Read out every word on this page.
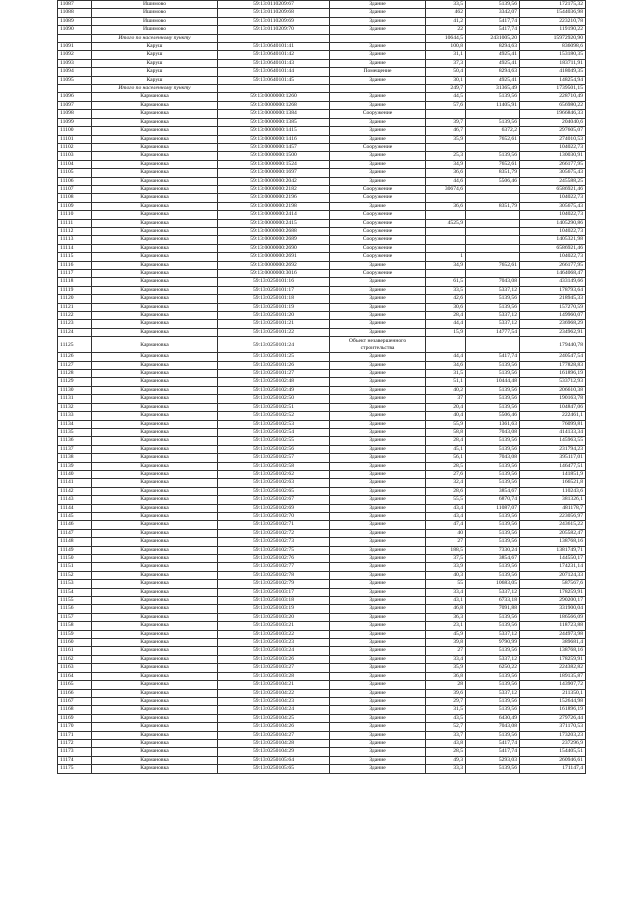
11087	Ишимово	59:13:0110209:67	Здание	33,5	5139,56	172175,32
11088	Ишимово	59:13:0110209:68	Здание	462	3342,07	1544036,98
11089	Ишимово	59:13:0110209:69	Здание	41,2	5417,74	223210,78
11090	Ишимово	59:13:0110209:70	Здание	22	5417,74	119190,22
	Итого по населенному пункту			10644,5	2431005,20	15972920,90
11091	Каруш	59:13:0640101:41	Здание	100,8	8294,63	836098,6
11092	Каруш	59:13:0640101:42	Здание	31,1	4925,41	153180,35
11093	Каруш	59:13:0640101:43	Здание	37,3	4925,41	183711,91
11094	Каруш	59:13:0640101:44	Помещение	50,4	8294,63	418049,35
11095	Каруш	59:13:0640101:45	Здание	30,1	4925,41	148254,94
	Итого по населенному пункту			249,7	31365,49	1739501,15
11096	Кармановка	59:13:0000000:1260	Здание	44,5	5139,56	228710,49
11097	Кармановка	59:13:0000000:1268	Здание	57,6	11405,91	656980,22
11098	Кармановка	59:13:0000000:1384	Сооружение			1966846,33
11099	Кармановка	59:13:0000000:1385	Здание	39,7	5139,56	204040,6
11100	Кармановка	59:13:0000000:1415	Здание	46,7	6372,2	297605,07
11101	Кармановка	59:13:0000000:1416	Здание	35,9	7652,61	274010,53
11102	Кармановка	59:13:0000000:1457	Сооружение			104022,73
11103	Кармановка	59:13:0000000:1500	Здание	25,3	5139,56	130030,91
11104	Кармановка	59:13:0000000:1524	Здание	34,9	7652,61	266177,95
11105	Кармановка	59:13:0000000:1697	Здание	36,6	8351,79	305675,43
11106	Кармановка	59:13:0000000:2042	Здание	44,6	5506,46	245588,25
11107	Кармановка	59:13:0000000:2182	Сооружение	30674,6		6586921,46
11108	Кармановка	59:13:0000000:2196	Сооружение			104022,73
11109	Кармановка	59:13:0000000:2198	Здание	36,6	8351,79	305675,43
11110	Кармановка	59:13:0000000:2414	Сооружение			104022,73
11111	Кармановка	59:13:0000000:2415	Сооружение	4525,9		1405290,86
11112	Кармановка	59:13:0000000:2688	Сооружение			104022,73
11113	Кармановка	59:13:0000000:2689	Сооружение			1405321,98
11114	Кармановка	59:13:0000000:2690	Сооружение			6586921,46
11115	Кармановка	59:13:0000000:2691	Сооружение	1		104022,73
11116	Кармановка	59:13:0000000:2692	Здание	34,9	7652,61	266177,95
11117	Кармановка	59:13:0000000:3016	Сооружение			1464068,47
11118	Кармановка	59:13:0250101:16	Здание	61,5	7043,08	433149,66
11119	Кармановка	59:13:0250101:17	Здание	33,5	5337,12	178793,64
11120	Кармановка	59:13:0250101:18	Здание	42,6	5139,56	218945,33
11121	Кармановка	59:13:0250101:19	Здание	30,6	5139,56	157270,59
11122	Кармановка	59:13:0250101:20	Здание	28,4	5337,12	149960,07
11123	Кармановка	59:13:0250101:21	Здание	44,4	5337,12	236968,29
11124	Кармановка	59:13:0250101:22	Здание	15,9	14777,54	234962,91
11125	Кармановка	59:13:0250101:24	Объект незавершенного строительства			179440,78
11126	Кармановка	59:13:0250101:25	Здание	44,4	5417,74	240547,54
11127	Кармановка	59:13:0250101:26	Здание	34,6	5139,56	177828,83
11128	Кармановка	59:13:0250101:27	Здание	31,5	5139,56	161896,19
11129	Кармановка	59:13:0250102:48	Здание	51,1	10444,48	533712,93
11130	Кармановка	59:13:0250102:49	Здание	40,2	5139,56	206610,38
11131	Кармановка	59:13:0250102:50	Здание	37	5139,56	190163,78
11132	Кармановка	59:13:0250102:51	Здание	20,4	5139,56	104847,06
11133	Кармановка	59:13:0250102:52	Здание	40,4	5506,46	222461,1
11134	Кармановка	59:13:0250102:53	Здание	55,9	1361,63	76099,81
11135	Кармановка	59:13:0250102:54	Здание	58,8	7043,08	414133,34
11136	Кармановка	59:13:0250102:55	Здание	28,4	5139,56	145963,55
11137	Кармановка	59:13:0250102:56	Здание	45,1	5139,56	231794,23
11138	Кармановка	59:13:0250102:57	Здание	56,1	7043,08	395117,01
11139	Кармановка	59:13:0250102:58	Здание	28,5	5139,56	146477,51
11140	Кармановка	59:13:0250102:62	Здание	27,6	5139,56	141851,9
11141	Кармановка	59:13:0250102:63	Здание	32,4	5139,56	166521,8
11142	Кармановка	59:13:0250102:65	Здание	28,6	3854,67	110243,6
11143	Кармановка	59:13:0250102:67	Здание	55,5	6870,74	381326,1
11144	Кармановка	59:13:0250102:69	Здание	43,4	11087,07	481178,7
11145	Кармановка	59:13:0250102:70	Здание	43,4	5139,56	223056,97
11146	Кармановка	59:13:0250102:71	Здание	47,4	5139,56	243615,22
11147	Кармановка	59:13:0250102:72	Здание	40	5139,56	205582,47
11148	Кармановка	59:13:0250102:73	Здание	27	5139,56	138768,16
11149	Кармановка	59:13:0250102:75	Здание	188,5	7330,24	1381749,71
11150	Кармановка	59:13:0250102:76	Здание	37,5	3854,67	144550,17
11151	Кармановка	59:13:0250102:77	Здание	33,9	5139,56	174231,14
11152	Кармановка	59:13:0250102:78	Здание	40,3	5139,56	207124,33
11153	Кармановка	59:13:0250102:79	Здание	55	10683,05	587567,6
11154	Кармановка	59:13:0250103:17	Здание	33,4	5337,12	178259,91
11155	Кармановка	59:13:0250103:18	Здание	43,1	6733,18	290200,17
11156	Кармановка	59:13:0250103:19	Здание	46,8	7091,88	331900,04
11157	Кармановка	59:13:0250103:20	Здание	36,3	5139,56	186566,09
11158	Кармановка	59:13:0250103:21	Здание	23,1	5139,56	118723,88
11159	Кармановка	59:13:0250103:22	Здание	45,9	5337,12	244973,98
11160	Кармановка	59:13:0250103:23	Здание	39,8	9790,99	389681,4
11161	Кармановка	59:13:0250103:24	Здание	27	5139,56	138768,16
11162	Кармановка	59:13:0250103:26	Здание	33,4	5337,12	178259,91
11163	Кармановка	59:13:0250103:27	Здание	35,9	6250,22	224382,82
11164	Кармановка	59:13:0250103:28	Здание	36,8	5139,56	189135,87
11165	Кармановка	59:13:0250104:21	Здание	28	5139,56	143907,72
11166	Кармановка	59:13:0250104:22	Здание	39,6	5337,12	211350,1
11167	Кармановка	59:13:0250104:23	Здание	29,7	5139,56	152644,98
11168	Кармановка	59:13:0250104:24	Здание	31,5	5139,56	161896,19
11169	Кармановка	59:13:0250104:25	Здание	43,5	6430,49	279726,44
11170	Кармановка	59:13:0250104:26	Здание	52,7	7043,08	371170,53
11171	Кармановка	59:13:0250104:27	Здание	33,7	5139,56	173203,23
11172	Кармановка	59:13:0250104:28	Здание	43,8	5417,74	237296,9
11173	Кармановка	59:13:0250104:29	Здание	28,5	5417,74	154405,51
11174	Кармановка	59:13:0250105:64	Здание	49,3	5293,03	260946,61
11175	Кармановка	59:13:0250105:65	Здание	33,3	5139,56	171147,4
